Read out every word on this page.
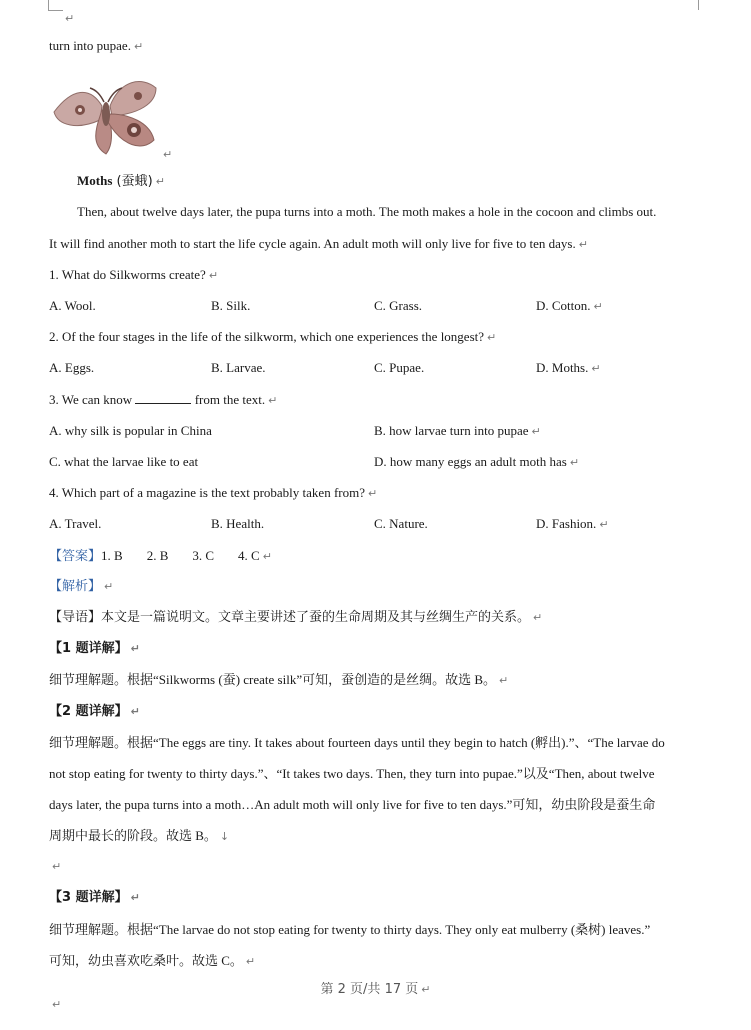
↵
turn into pupae. ↵
↵
Moths (蚕蛾) ↵
Then, about twelve days later, the pupa turns into a moth. The moth makes a hole in the cocoon and climbs out.
It will find another moth to start the life cycle again. An adult moth will only live for five to ten days. ↵
1. What do Silkworms create? ↵
A. Wool.	B. Silk.	C. Grass.	D. Cotton. ↵
2. Of the four stages in the life of the silkworm, which one experiences the longest? ↵
A. Eggs.	B. Larvae.	C. Pupae.	D. Moths. ↵
3. We can know	from the text. ↵
A. why silk is popular in China	B. how larvae turn into pupae ↵
C. what the larvae like to eat	D. how many eggs an adult moth has ↵
4. Which part of a magazine is the text probably taken from? ↵
A. Travel.	B. Health.	C. Nature.	D. Fashion. ↵
【答案】1. B 2. B 3. C 4. C ↵
【解析】 ↵
【导语】本文是一篇说明文。文章主要讲述了蚕的生命周期及其与丝绸生产的关系。 ↵
【1 题详解】 ↵
细节理解题。根据“Silkworms (蚕) create silk”可知，蚕创造的是丝绸。故选 B。 ↵
【2 题详解】 ↵
细节理解题。根据“The eggs are tiny. It takes about fourteen days until they begin to hatch (孵出).”、“The larvae do
not stop eating for twenty to thirty days.”、“It takes two days. Then, they turn into pupae.”以及“Then, about twelve
days later, the pupa turns into a moth…An adult moth will only live for five to ten days.”可知，幼虫阶段是蚕生命
周期中最长的阶段。故选 B。 ↓
↵
【3 题详解】 ↵
细节理解题。根据“The larvae do not stop eating for twenty to thirty days. They only eat mulberry (桑树) leaves.”
可知，幼虫喜欢吃桑叶。故选 C。 ↵
第 2 页/共 17 页 ↵
↵
